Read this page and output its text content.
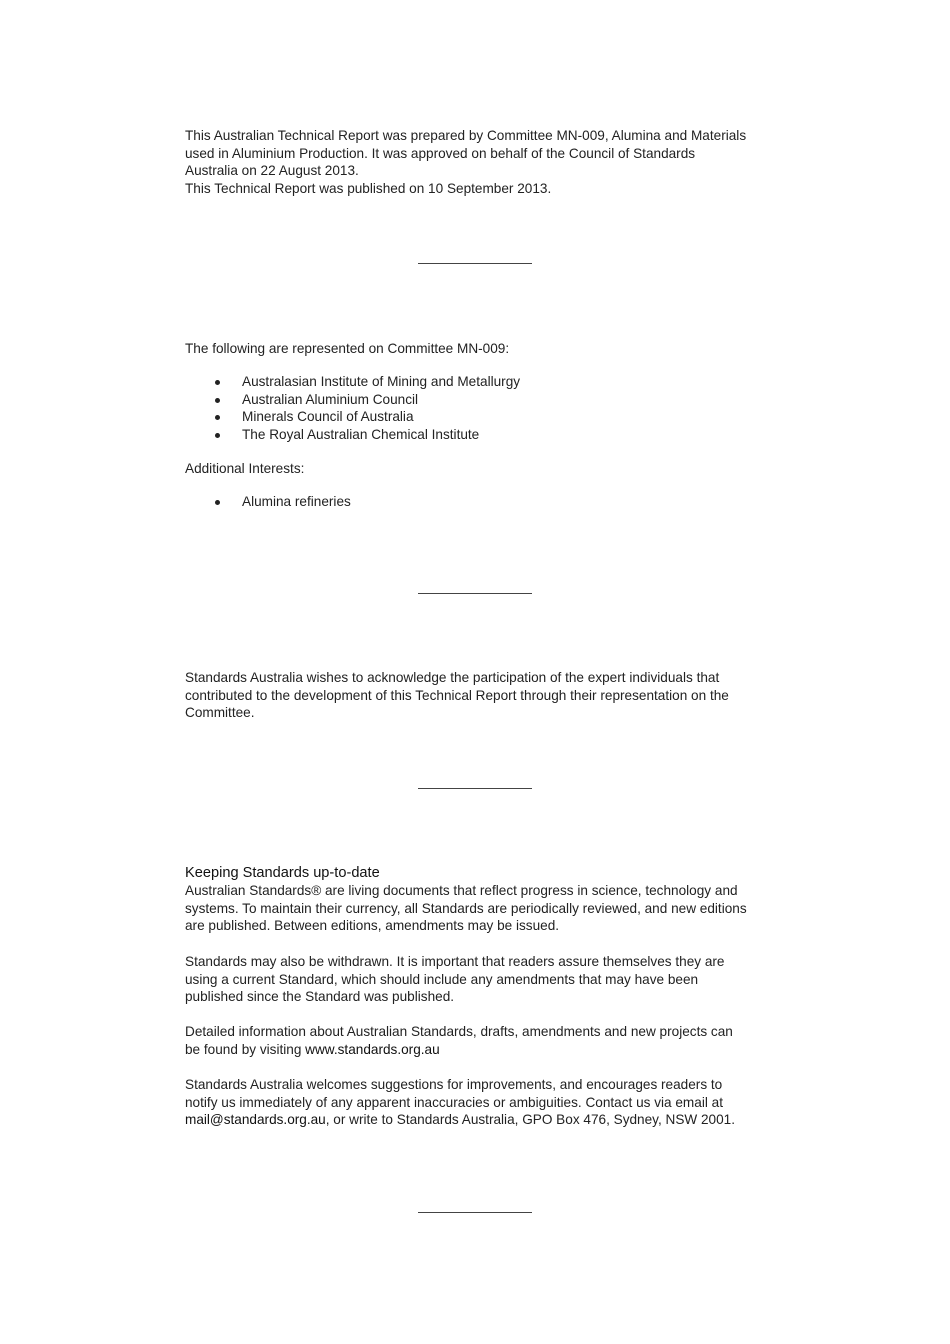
This Australian Technical Report was prepared by Committee MN-009, Alumina and Materials

used in Aluminium Production. It was approved on behalf of the Council of Standards

Australia on 22 August 2013.

This Technical Report was published on 10 September 2013.

The following are represented on Committee MN-009:

Australasian Institute of Mining and Metallurgy
Australian Aluminium Council
Minerals Council of Australia
The Royal Australian Chemical Institute

Additional Interests:

Alumina refineries

Standards Australia wishes to acknowledge the participation of the expert individuals that

contributed to the development of this Technical Report through their representation on the

Committee.

Keeping Standards up-to-date

Australian Standards® are living documents that reflect progress in science, technology and

systems. To maintain their currency, all Standards are periodically reviewed, and new editions

are published. Between editions, amendments may be issued.

Standards may also be withdrawn. It is important that readers assure themselves they are

using a current Standard, which should include any amendments that may have been

published since the Standard was published.

Detailed information about Australian Standards, drafts, amendments and new projects can

be found by visiting www.standards.org.au

Standards Australia welcomes suggestions for improvements, and encourages readers to

notify us immediately of any apparent inaccuracies or ambiguities. Contact us via email at

mail@standards.org.au, or write to Standards Australia, GPO Box 476, Sydney, NSW 2001.
